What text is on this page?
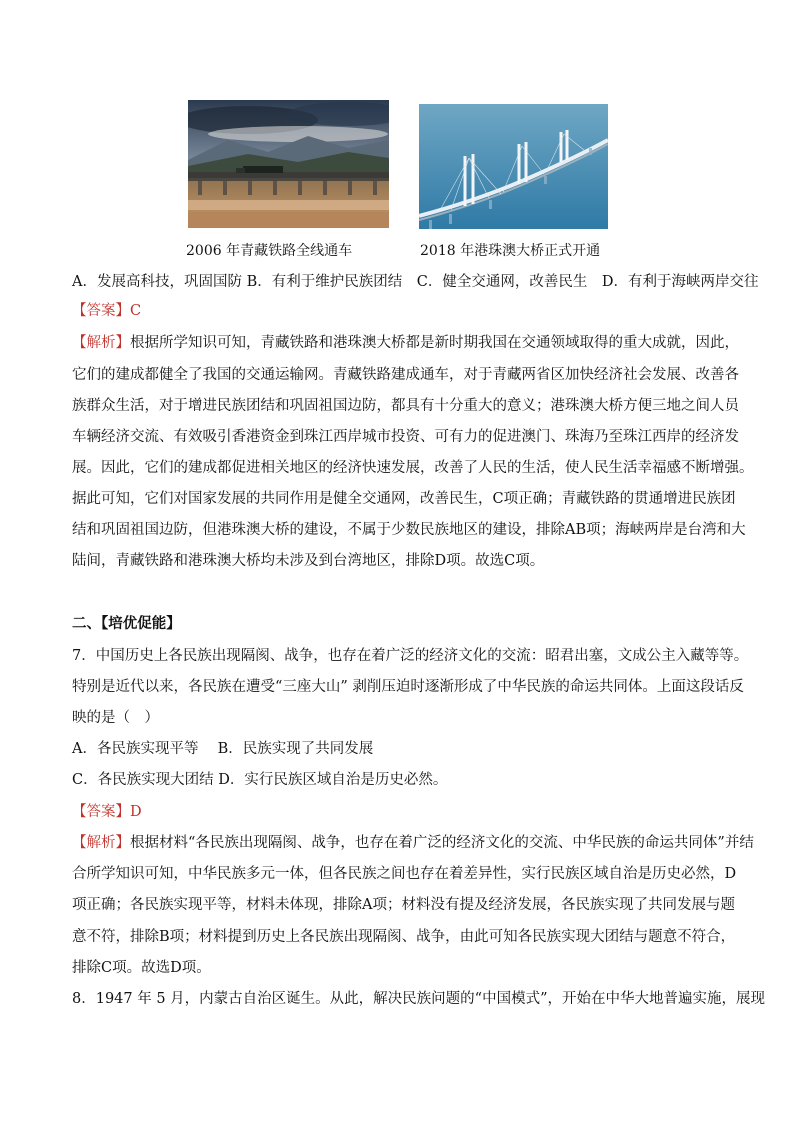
2006 年青藏铁路全线通车	2018 年港珠澳大桥正式开通
A．发展高科技，巩固国防 B．有利于维护民族团结　C．健全交通网，改善民生　D．有利于海峡两岸交往
【答案】C
【解析】根据所学知识可知，青藏铁路和港珠澳大桥都是新时期我国在交通领域取得的重大成就，因此，
它们的建成都健全了我国的交通运输网。青藏铁路建成通车，对于青藏两省区加快经济社会发展、改善各
族群众生活，对于增进民族团结和巩固祖国边防，都具有十分重大的意义；港珠澳大桥方便三地之间人员
车辆经济交流、有效吸引香港资金到珠江西岸城市投资、可有力的促进澳门、珠海乃至珠江西岸的经济发
展。因此，它们的建成都促进相关地区的经济快速发展，改善了人民的生活，使人民生活幸福感不断增强。
据此可知，它们对国家发展的共同作用是健全交通网，改善民生，C项正确；青藏铁路的贯通增进民族团
结和巩固祖国边防，但港珠澳大桥的建设，不属于少数民族地区的建设，排除AB项；海峡两岸是台湾和大
陆间，青藏铁路和港珠澳大桥均未涉及到台湾地区，排除D项。故选C项。
二、【培优促能】
7．中国历史上各民族出现隔阂、战争，也存在着广泛的经济文化的交流：昭君出塞，文成公主入藏等等。
特别是近代以来，各民族在遭受“三座大山” 剥削压迫时逐渐形成了中华民族的命运共同体。上面这段话反
映的是（　）
A．各民族实现平等　 B．民族实现了共同发展
C．各民族实现大团结 D．实行民族区域自治是历史必然。
【答案】D
【解析】根据材料“各民族出现隔阂、战争，也存在着广泛的经济文化的交流、中华民族的命运共同体”并结
合所学知识可知，中华民族多元一体，但各民族之间也存在着差异性，实行民族区域自治是历史必然，D
项正确；各民族实现平等，材料未体现，排除A项；材料没有提及经济发展，各民族实现了共同发展与题
意不符，排除B项；材料提到历史上各民族出现隔阂、战争，由此可知各民族实现大团结与题意不符合，
排除C项。故选D项。
8．1947 年 5 月，内蒙古自治区诞生。从此，解决民族问题的“中国模式”，开始在中华大地普遍实施，展现
